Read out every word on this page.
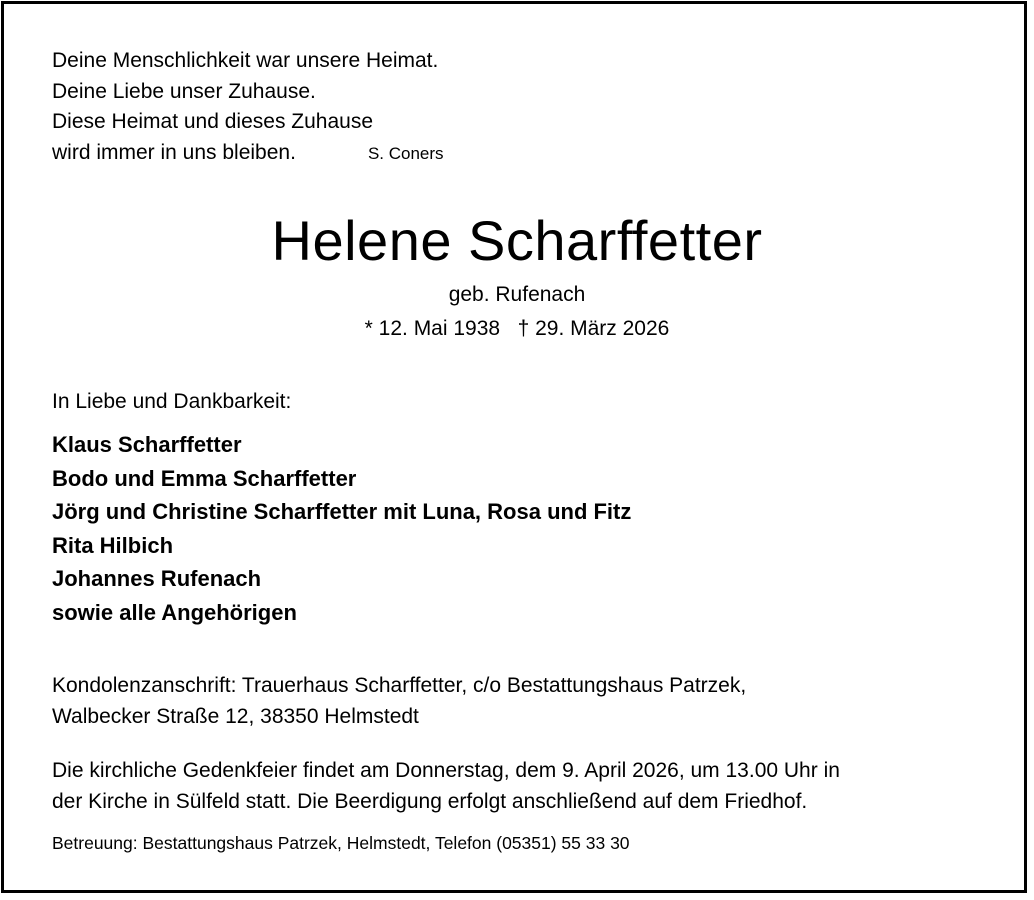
Deine Menschlichkeit war unsere Heimat.
Deine Liebe unser Zuhause.
Diese Heimat und dieses Zuhause
wird immer in uns bleiben.	S. Coners
Helene Scharffetter
geb. Rufenach
* 12. Mai 1938   † 29. März 2026
In Liebe und Dankbarkeit:
Klaus Scharffetter
Bodo und Emma Scharffetter
Jörg und Christine Scharffetter mit Luna, Rosa und Fitz
Rita Hilbich
Johannes Rufenach
sowie alle Angehörigen
Kondolenzanschrift: Trauerhaus Scharffetter, c/o Bestattungshaus Patrzek,
Walbecker Straße 12, 38350 Helmstedt
Die kirchliche Gedenkfeier findet am Donnerstag, dem 9. April 2026, um 13.00 Uhr in
der Kirche in Sülfeld statt. Die Beerdigung erfolgt anschließend auf dem Friedhof.
Betreuung: Bestattungshaus Patrzek, Helmstedt, Telefon (05351) 55 33 30
